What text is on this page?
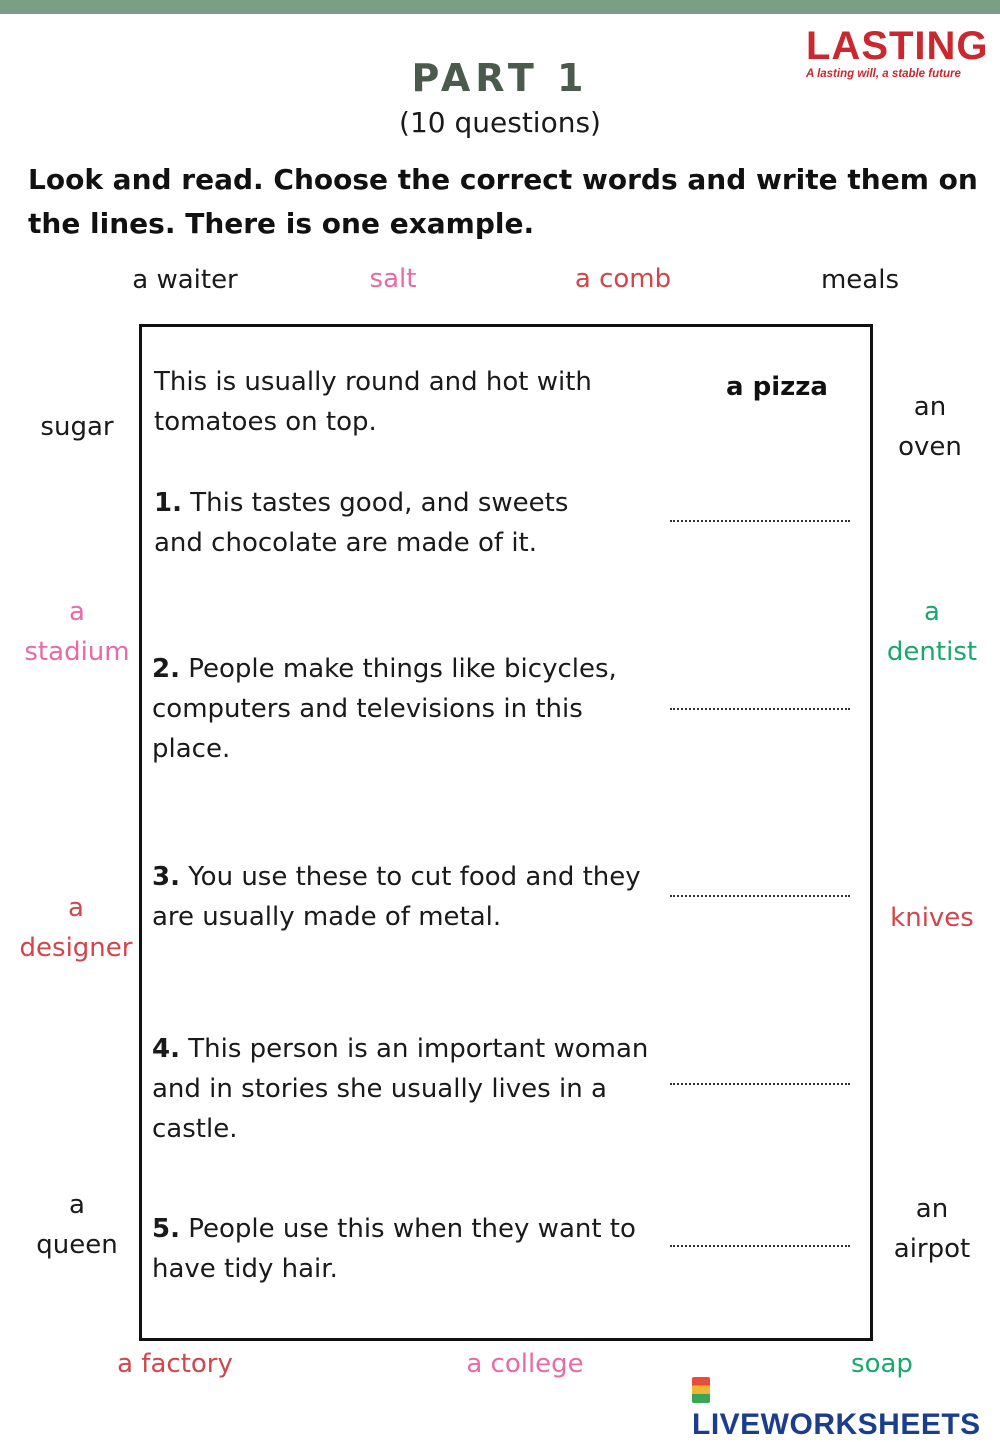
LASTING
A lasting will, a stable future
PART 1
(10 questions)
Look and read. Choose the correct words and write them on the lines. There is one example.
a waiter	salt	a comb	meals
sugar
a stadium
a designer
a queen
an oven
a dentist
knives
an airpot
a factory	a college	soap
This is usually round and hot with tomatoes on top.
a pizza
1. This tastes good, and sweets and chocolate are made of it.
2. People make things like bicycles, computers and televisions in this place.
3. You use these to cut food and they are usually made of metal.
4. This person is an important woman and in stories she usually lives in a castle.
5. People use this when they want to have tidy hair.
LIVEWORKSHEETS
